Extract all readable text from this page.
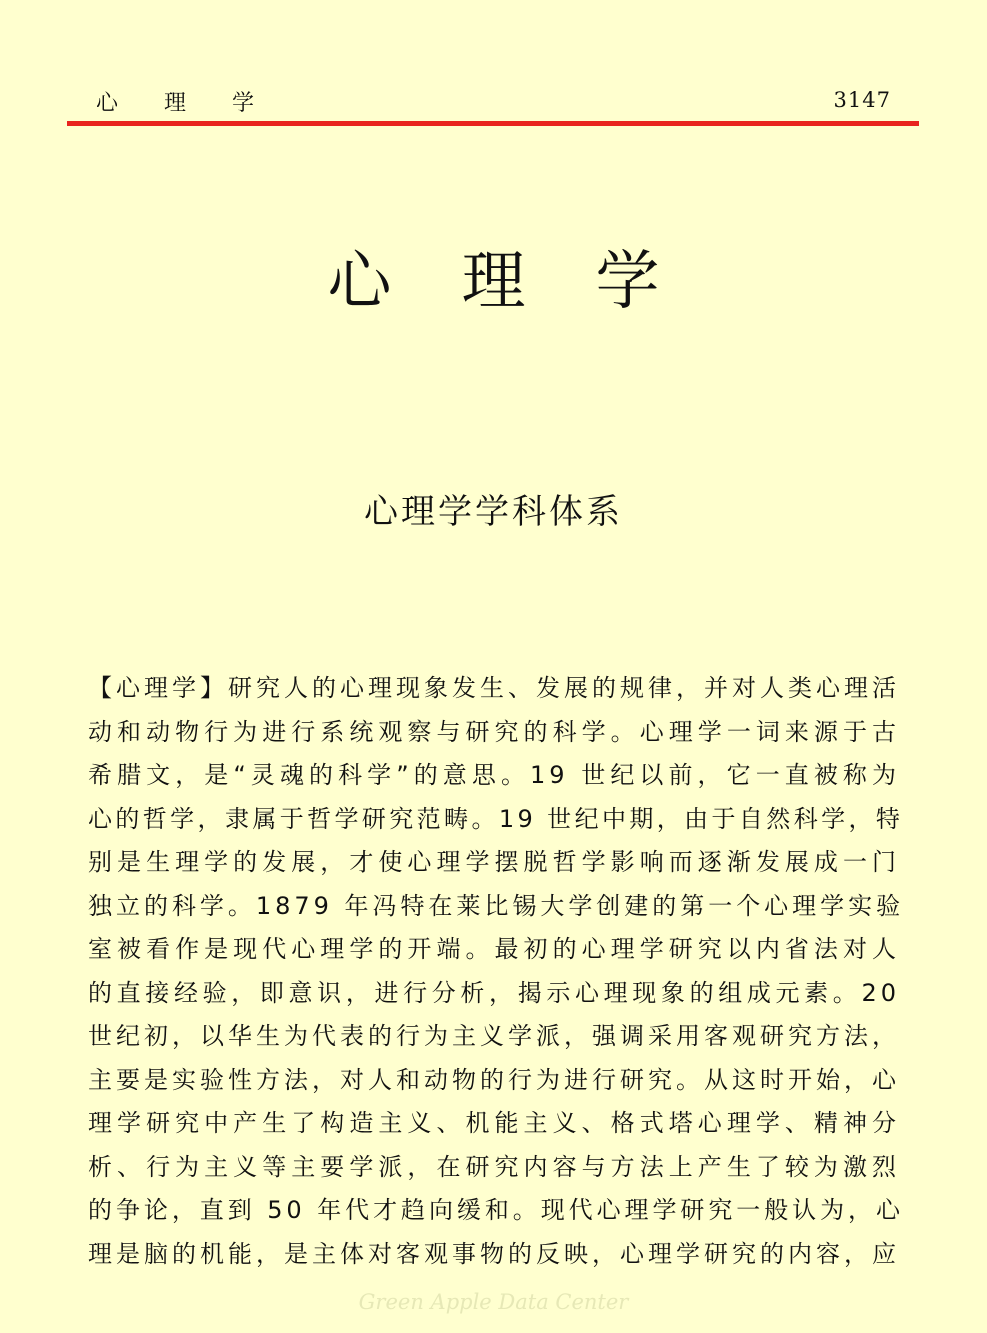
心理学	3147
心理学
心理学学科体系

【心理学】研究人的心理现象发生、发展的规律，并对人类心理活
动和动物行为进行系统观察与研究的科学。心理学一词来源于古
希腊文，是“灵魂的科学”的意思。19 世纪以前，它一直被称为
心的哲学，隶属于哲学研究范畴。19 世纪中期，由于自然科学，特
别是生理学的发展，才使心理学摆脱哲学影响而逐渐发展成一门
独立的科学。1879 年冯特在莱比锡大学创建的第一个心理学实验
室被看作是现代心理学的开端。最初的心理学研究以内省法对人
的直接经验，即意识，进行分析，揭示心理现象的组成元素。20
世纪初，以华生为代表的行为主义学派，强调采用客观研究方法，
主要是实验性方法，对人和动物的行为进行研究。从这时开始，心
理学研究中产生了构造主义、机能主义、格式塔心理学、精神分
析、行为主义等主要学派，在研究内容与方法上产生了较为激烈
的争论，直到 50 年代才趋向缓和。现代心理学研究一般认为，心
理是脑的机能，是主体对客观事物的反映，心理学研究的内容，应

Green Apple Data Center
